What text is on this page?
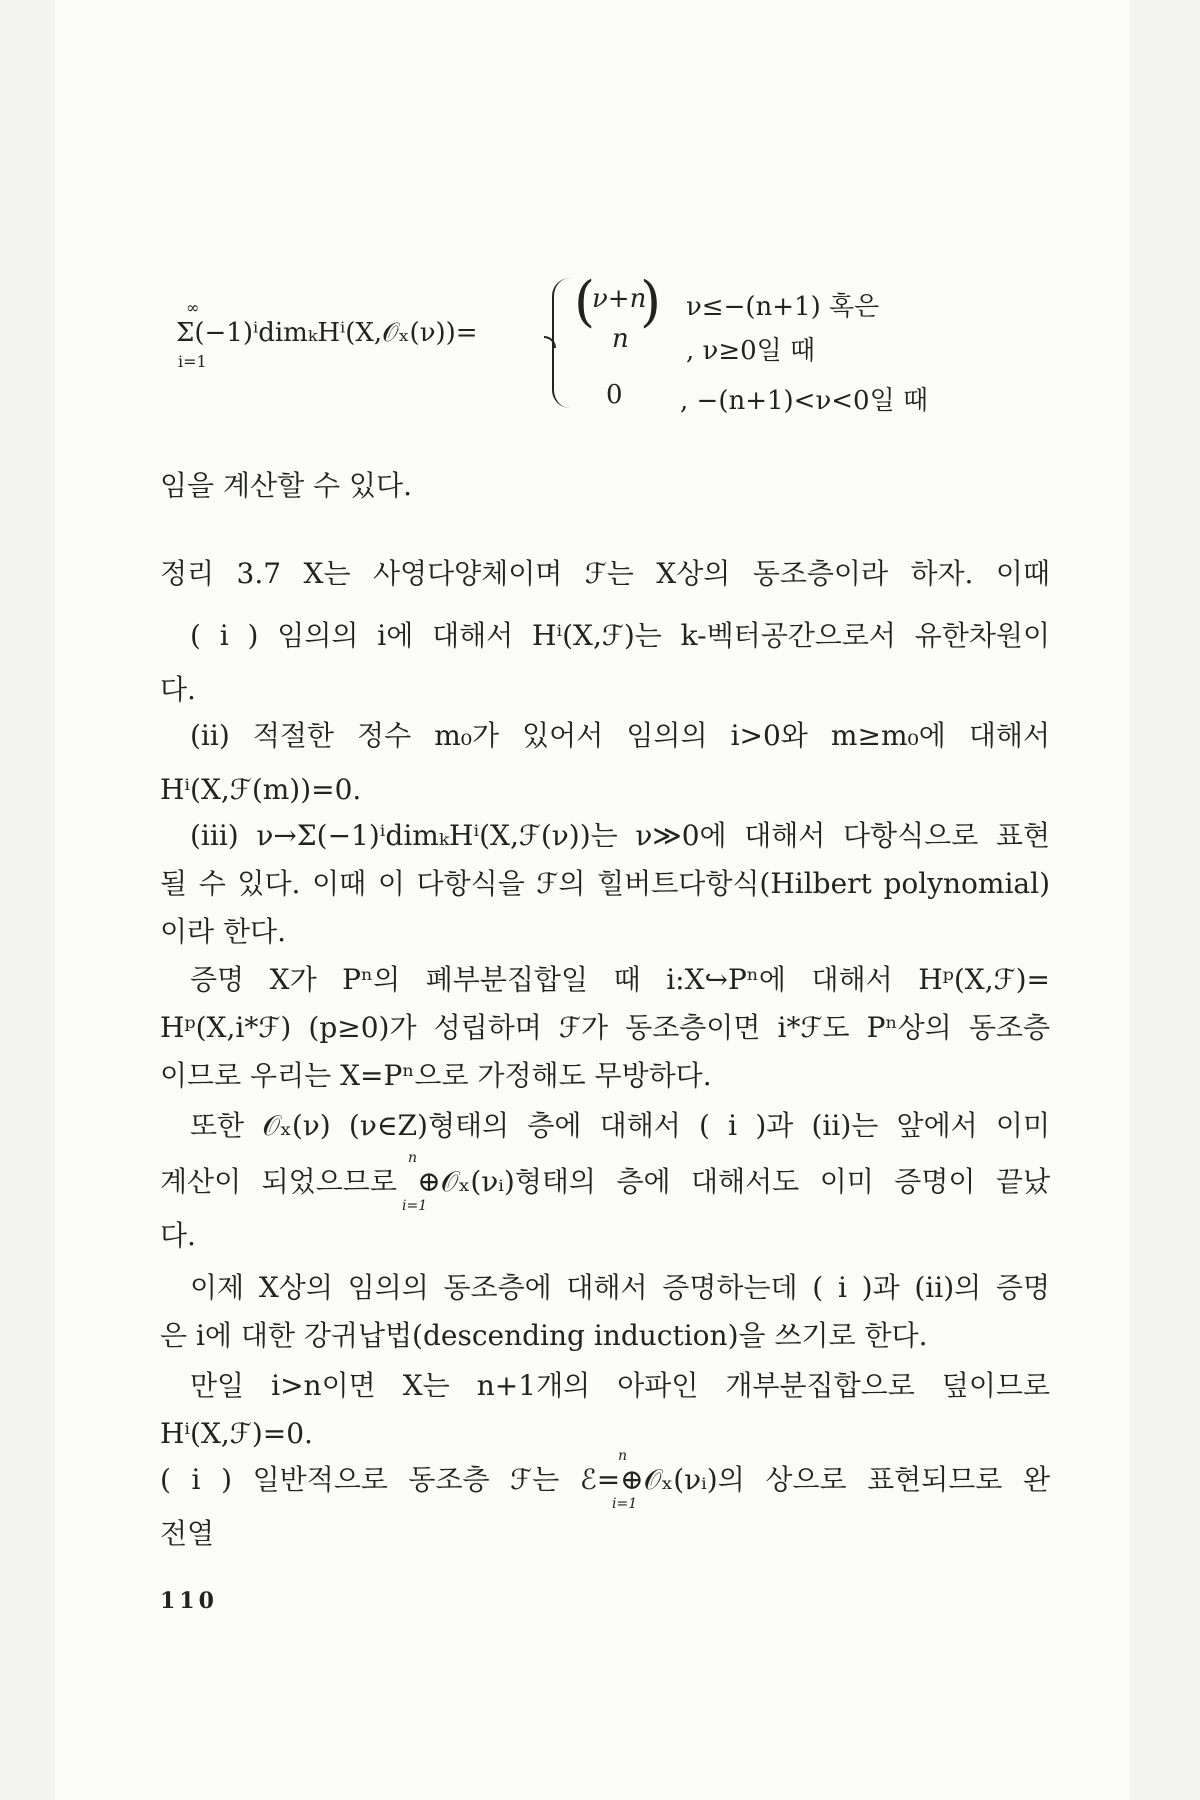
∞
i=1
Σ(−1)ⁱdimₖHⁱ(X,𝒪ₓ(ν))= ( )
ν+n
n
ν≤−(n+1) 혹은
, ν≥0일 때
0 , −(n+1)<ν<0일 때
임을 계산할 수 있다.
정리 3.7 X는 사영다양체이며 ℱ는 X상의 동조층이라 하자. 이때
( i ) 임의의 i에 대해서 Hⁱ(X,ℱ)는 k-벡터공간으로서 유한차원이
다.
(ii) 적절한 정수 m₀가 있어서 임의의 i>0와 m≥m₀에 대해서
Hⁱ(X,ℱ(m))=0.
(iii) ν→Σ(−1)ⁱdimₖHⁱ(X,ℱ(ν))는 ν≫0에 대해서 다항식으로 표현
될 수 있다. 이때 이 다항식을 ℱ의 힐버트다항식(Hilbert polynomial)
이라 한다.
증명 X가 Pⁿ의 폐부분집합일 때 i:X↪Pⁿ에 대해서 Hᵖ(X,ℱ)=
Hᵖ(X,i*ℱ) (p≥0)가 성립하며 ℱ가 동조층이면 i*ℱ도 Pⁿ상의 동조층
이므로 우리는 X=Pⁿ으로 가정해도 무방하다.
또한 𝒪ₓ(ν) (ν∈Z)형태의 층에 대해서 ( i )과 (ii)는 앞에서 이미
n
i=1
계산이 되었으므로 ⊕𝒪ₓ(νᵢ)형태의 층에 대해서도 이미 증명이 끝났
다.
이제 X상의 임의의 동조층에 대해서 증명하는데 ( i )과 (ii)의 증명
은 i에 대한 강귀납법(descending induction)을 쓰기로 한다.
만일 i>n이면 X는 n+1개의 아파인 개부분집합으로 덮이므로
Hⁱ(X,ℱ)=0.
n
i=1
( i ) 일반적으로 동조층 ℱ는 ℰ=⊕𝒪ₓ(νᵢ)의 상으로 표현되므로 완
전열
110
